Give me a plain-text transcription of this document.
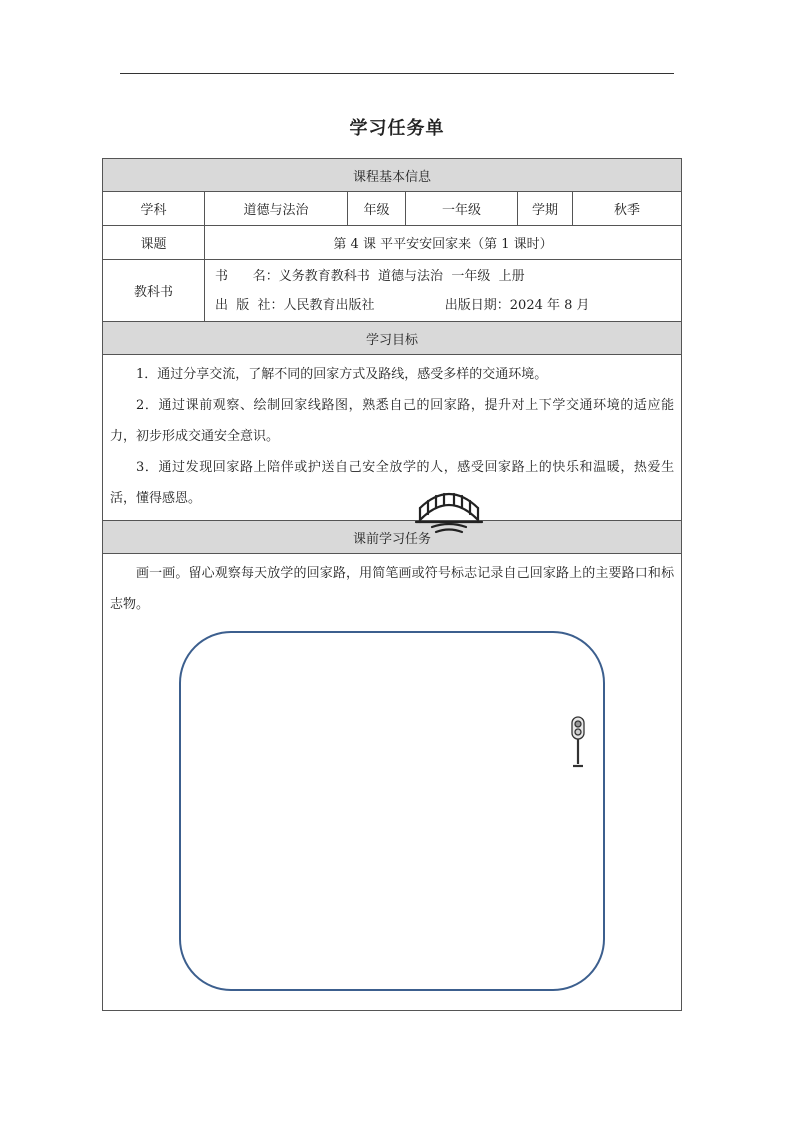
学习任务单
课程基本信息					
学科	道德与法治	年级	一年级	学期	秋季
课题	第 4 课 平平安安回家来（第 1 课时）				
教科书	书      名：义务教育教科书  道德与法治  一年级  上册
出  版  社：人民教育出版社                 出版日期：2024 年 8 月				

学习目标					

1．通过分享交流，了解不同的回家方式及路线，感受多样的交通环境。

2．通过课前观察、绘制回家线路图，熟悉自己的回家路，提升对上下学交通环境的适应能力，初步形成交通安全意识。

3．通过发现回家路上陪伴或护送自己安全放学的人，感受回家路上的快乐和温暖，热爱生活，懂得感恩。					

课前学习任务					

画一画。留心观察每天放学的回家路，用简笔画或符号标志记录自己回家路上的主要路口和标志物。					
